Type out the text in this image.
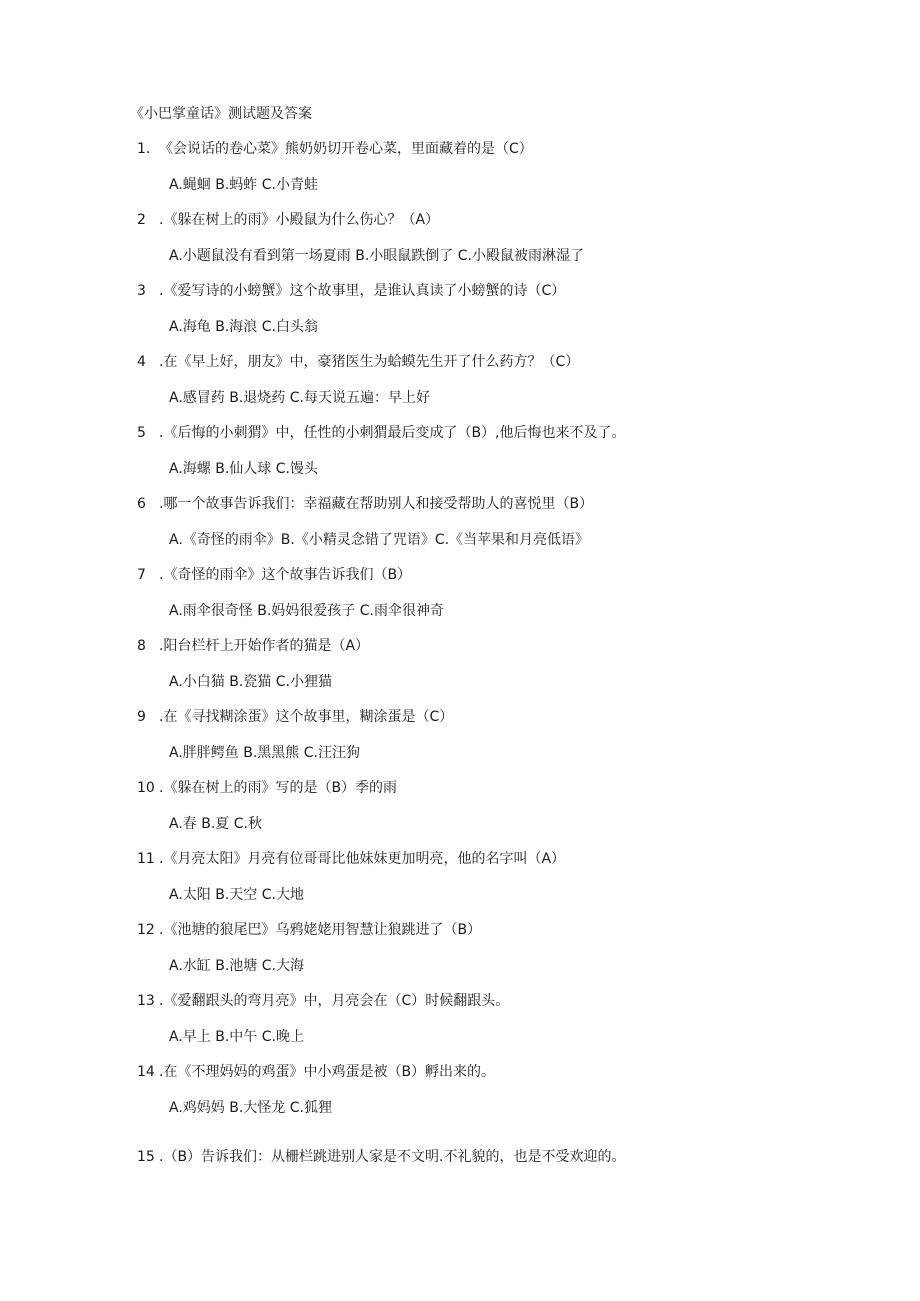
《小巴掌童话》测试题及答案
1. 《会说话的卷心菜》熊奶奶切开卷心菜，里面藏着的是（C）
A.蝇蛔 B.蚂蚱 C.小青蛙
2 .《躲在树上的雨》小殿鼠为什么伤心？（A）
A.小题鼠没有看到第一场夏雨 B.小眼鼠跌倒了 C.小殿鼠被雨淋湿了
3 .《爱写诗的小螃蟹》这个故事里，是谁认真读了小螃蟹的诗（C）
A.海龟 B.海浪 C.白头翁
4 .在《早上好，朋友》中，豪猪医生为蛤蟆先生开了什么药方？（C）
A.感冒药 B.退烧药 C.每天说五遍：早上好
5 .《后悔的小刺猬》中，任性的小刺猬最后变成了（B）,他后悔也来不及了。
A.海螺 B.仙人球 C.馒头
6 .哪一个故事告诉我们：幸福藏在帮助别人和接受帮助人的喜悦里（B）
A.《奇怪的雨伞》B.《小精灵念错了咒语》C.《当苹果和月亮低语》
7 .《奇怪的雨伞》这个故事告诉我们（B）
A.雨伞很奇怪 B.妈妈很爱孩子 C.雨伞很神奇
8 .阳台栏杆上开始作者的猫是（A）
A.小白猫 B.瓷猫 C.小狸猫
9 .在《寻找糊涂蛋》这个故事里，糊涂蛋是（C）
A.胖胖鳄鱼 B.黑黑熊 C.汪汪狗
10 .《躲在树上的雨》写的是（B）季的雨
A.春 B.夏 C.秋
11 .《月亮太阳》月亮有位哥哥比他妹妹更加明亮，他的名字叫（A）
A.太阳 B.天空 C.大地
12 .《池塘的狼尾巴》乌鸦姥姥用智慧让狼跳进了（B）
A.水缸 B.池塘 C.大海
13 .《爱翻跟头的弯月亮》中，月亮会在（C）时候翻跟头。
A.早上 B.中午 C.晚上
14 .在《不理妈妈的鸡蛋》中小鸡蛋是被（B）孵出来的。
A.鸡妈妈 B.大怪龙 C.狐狸
15 .（B）告诉我们：从栅栏跳进别人家是不文明.不礼貌的，也是不受欢迎的。
